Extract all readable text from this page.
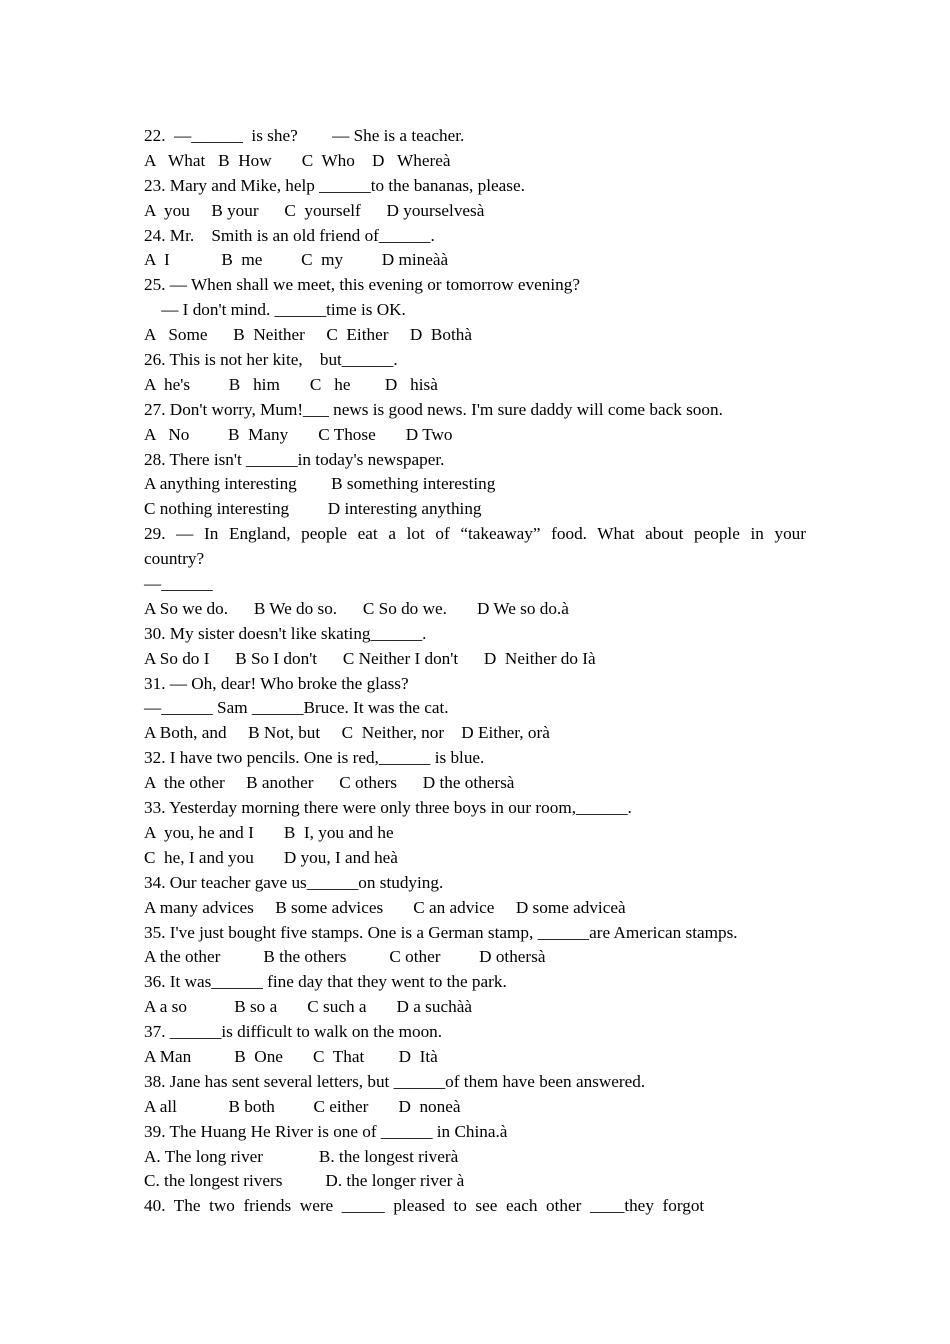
22.  —______  is she?        — She is a teacher.
A   What   B  How       C  Who    D   Whereà
23. Mary and Mike, help ______to the bananas, please.
A  you     B your      C  yourself      D yourselvesà
24. Mr.    Smith is an old friend of______.
A  I            B  me         C  my         D mineàà
25. — When shall we meet, this evening or tomorrow evening?
— I don't mind. ______time is OK.
A   Some      B  Neither     C  Either     D  Bothà
26. This is not her kite,    but______.
A  he's         B   him       C   he        D   hisà
27. Don't worry, Mum!___ news is good news. I'm sure daddy will come back soon.
A   No         B  Many       C Those       D Two
28. There isn't ______in today's newspaper.
A anything interesting        B something interesting
C nothing interesting         D interesting anything
29. — In England, people eat a lot of “takeaway” food. What about people in your
country?
—______
A So we do.      B We do so.      C So do we.       D We so do.à
30. My sister doesn't like skating______.
A So do I      B So I don't      C Neither I don't      D  Neither do Ià
31. — Oh, dear! Who broke the glass?
—______ Sam ______Bruce. It was the cat.
A Both, and     B Not, but     C  Neither, nor    D Either, orà
32. I have two pencils. One is red,______ is blue.
A  the other     B another      C others      D the othersà
33. Yesterday morning there were only three boys in our room,______.
A  you, he and I       B  I, you and he
C  he, I and you       D you, I and heà
34. Our teacher gave us______on studying.
A many advices     B some advices       C an advice     D some adviceà
35. I've just bought five stamps. One is a German stamp, ______are American stamps.
A the other          B the others          C other         D othersà
36. It was______ fine day that they went to the park.
A a so           B so a       C such a       D a suchàà
37. ______is difficult to walk on the moon.
A Man          B  One       C  That        D  Ità
38. Jane has sent several letters, but ______of them have been answered.
A all            B both         C either       D  noneà
39. The Huang He River is one of ______ in China.à
A. The long river             B. the longest riverà
C. the longest rivers          D. the longer river à
40.  The  two  friends  were  _____  pleased  to  see  each  other  ____they  forgot
